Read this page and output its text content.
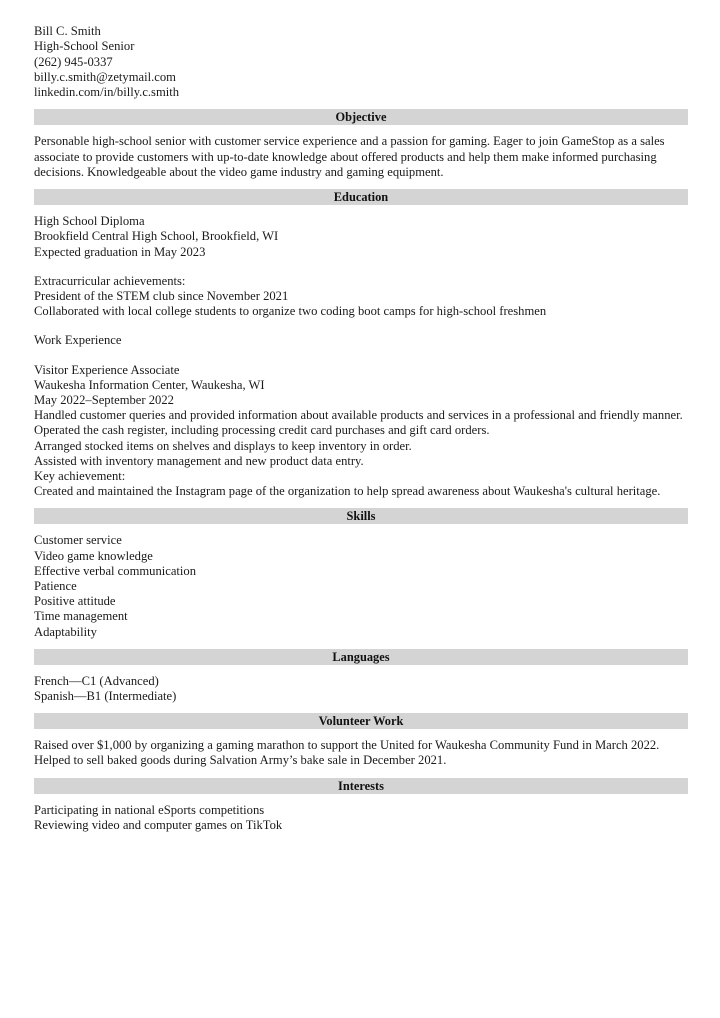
Bill C. Smith
High-School Senior
(262) 945-0337
billy.c.smith@zetymail.com
linkedin.com/in/billy.c.smith
Objective
Personable high-school senior with customer service experience and a passion for gaming. Eager to join GameStop as a sales associate to provide customers with up-to-date knowledge about offered products and help them make informed purchasing decisions. Knowledgeable about the video game industry and gaming equipment.
Education
High School Diploma
Brookfield Central High School, Brookfield, WI
Expected graduation in May 2023
Extracurricular achievements:
President of the STEM club since November 2021
Collaborated with local college students to organize two coding boot camps for high-school freshmen
Work Experience
Visitor Experience Associate
Waukesha Information Center, Waukesha, WI
May 2022–September 2022
Handled customer queries and provided information about available products and services in a professional and friendly manner.
Operated the cash register, including processing credit card purchases and gift card orders.
Arranged stocked items on shelves and displays to keep inventory in order.
Assisted with inventory management and new product data entry.
Key achievement:
Created and maintained the Instagram page of the organization to help spread awareness about Waukesha's cultural heritage.
Skills
Customer service
Video game knowledge
Effective verbal communication
Patience
Positive attitude
Time management
Adaptability
Languages
French—C1 (Advanced)
Spanish—B1 (Intermediate)
Volunteer Work
Raised over $1,000 by organizing a gaming marathon to support the United for Waukesha Community Fund in March 2022.
Helped to sell baked goods during Salvation Army’s bake sale in December 2021.
Interests
Participating in national eSports competitions
Reviewing video and computer games on TikTok
